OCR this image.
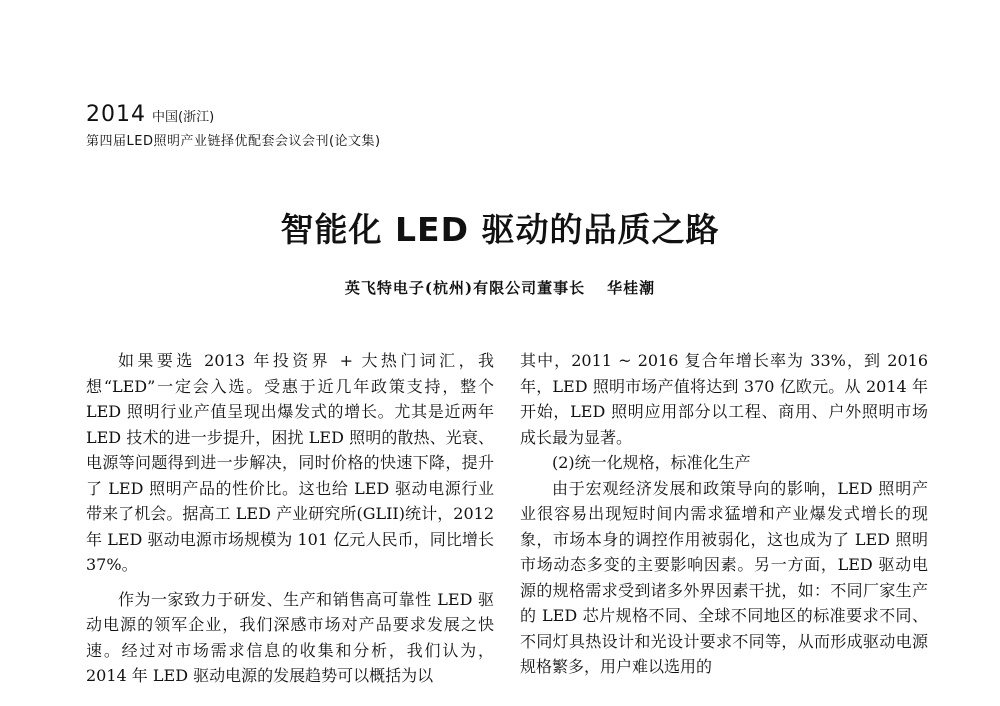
2014 中国(浙江)
第四届LED照明产业链择优配套会议会刊(论文集)
智能化 LED 驱动的品质之路
英飞特电子(杭州)有限公司董事长 华桂潮

如果要选 2013 年投资界 + 大热门词汇，我想“LED”一定会入选。受惠于近几年政策支持，整个 LED 照明行业产值呈现出爆发式的增长。尤其是近两年 LED 技术的进一步提升，困扰 LED 照明的散热、光衰、电源等问题得到进一步解决，同时价格的快速下降，提升了 LED 照明产品的性价比。这也给 LED 驱动电源行业带来了机会。据高工 LED 产业研究所(GLII)统计，2012 年 LED 驱动电源市场规模为 101 亿元人民币，同比增长 37%。

作为一家致力于研发、生产和销售高可靠性 LED 驱动电源的领军企业，我们深感市场对产品要求发展之快速。经过对市场需求信息的收集和分析，我们认为，2014 年 LED 驱动电源的发展趋势可以概括为以

其中，2011 ~ 2016 复合年增长率为 33%，到 2016 年，LED 照明市场产值将达到 370 亿欧元。从 2014 年开始，LED 照明应用部分以工程、商用、户外照明市场成长最为显著。

(2)统一化规格，标准化生产

由于宏观经济发展和政策导向的影响，LED 照明产业很容易出现短时间内需求猛增和产业爆发式增长的现象，市场本身的调控作用被弱化，这也成为了 LED 照明市场动态多变的主要影响因素。另一方面，LED 驱动电源的规格需求受到诸多外界因素干扰，如：不同厂家生产的 LED 芯片规格不同、全球不同地区的标准要求不同、不同灯具热设计和光设计要求不同等，从而形成驱动电源规格繁多，用户难以选用的
